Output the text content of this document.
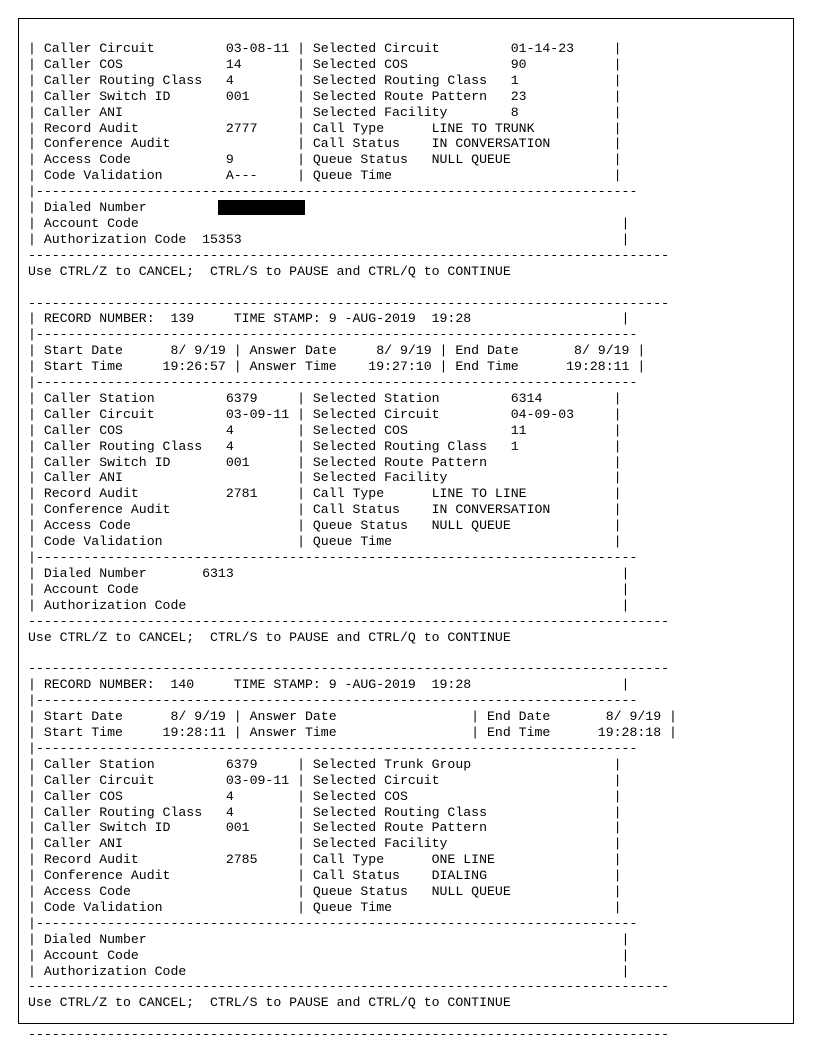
| Caller Circuit         03-08-11 | Selected Circuit         01-14-23     |
| Caller COS             14       | Selected COS             90           |
| Caller Routing Class   4        | Selected Routing Class   1            |
| Caller Switch ID       001      | Selected Route Pattern   23           |
| Caller ANI                      | Selected Facility        8            |
| Record Audit           2777     | Call Type      LINE TO TRUNK          |
| Conference Audit                | Call Status    IN CONVERSATION        |
| Access Code            9        | Queue Status   NULL QUEUE             |
| Code Validation        A---     | Queue Time                            |
|----------------------------------------------------------------------------
| Dialed Number
| Account Code                                                             |
| Authorization Code  15353                                                |
---------------------------------------------------------------------------------
Use CTRL/Z to CANCEL;  CTRL/S to PAUSE and CTRL/Q to CONTINUE

---------------------------------------------------------------------------------
| RECORD NUMBER:  139     TIME STAMP: 9 -AUG-2019  19:28                   |
|----------------------------------------------------------------------------
| Start Date      8/ 9/19 | Answer Date     8/ 9/19 | End Date       8/ 9/19 |
| Start Time     19:26:57 | Answer Time    19:27:10 | End Time      19:28:11 |
|----------------------------------------------------------------------------
| Caller Station         6379     | Selected Station         6314         |
| Caller Circuit         03-09-11 | Selected Circuit         04-09-03     |
| Caller COS             4        | Selected COS             11           |
| Caller Routing Class   4        | Selected Routing Class   1            |
| Caller Switch ID       001      | Selected Route Pattern                |
| Caller ANI                      | Selected Facility                     |
| Record Audit           2781     | Call Type      LINE TO LINE           |
| Conference Audit                | Call Status    IN CONVERSATION        |
| Access Code                     | Queue Status   NULL QUEUE             |
| Code Validation                 | Queue Time                            |
|----------------------------------------------------------------------------
| Dialed Number       6313                                                 |
| Account Code                                                             |
| Authorization Code                                                       |
---------------------------------------------------------------------------------
Use CTRL/Z to CANCEL;  CTRL/S to PAUSE and CTRL/Q to CONTINUE

---------------------------------------------------------------------------------
| RECORD NUMBER:  140     TIME STAMP: 9 -AUG-2019  19:28                   |
|----------------------------------------------------------------------------
| Start Date      8/ 9/19 | Answer Date                 | End Date       8/ 9/19 |
| Start Time     19:28:11 | Answer Time                 | End Time      19:28:18 |
|----------------------------------------------------------------------------
| Caller Station         6379     | Selected Trunk Group                  |
| Caller Circuit         03-09-11 | Selected Circuit                      |
| Caller COS             4        | Selected COS                          |
| Caller Routing Class   4        | Selected Routing Class                |
| Caller Switch ID       001      | Selected Route Pattern                |
| Caller ANI                      | Selected Facility                     |
| Record Audit           2785     | Call Type      ONE LINE               |
| Conference Audit                | Call Status    DIALING                |
| Access Code                     | Queue Status   NULL QUEUE             |
| Code Validation                 | Queue Time                            |
|----------------------------------------------------------------------------
| Dialed Number                                                            |
| Account Code                                                             |
| Authorization Code                                                       |
---------------------------------------------------------------------------------
Use CTRL/Z to CANCEL;  CTRL/S to PAUSE and CTRL/Q to CONTINUE

---------------------------------------------------------------------------------
